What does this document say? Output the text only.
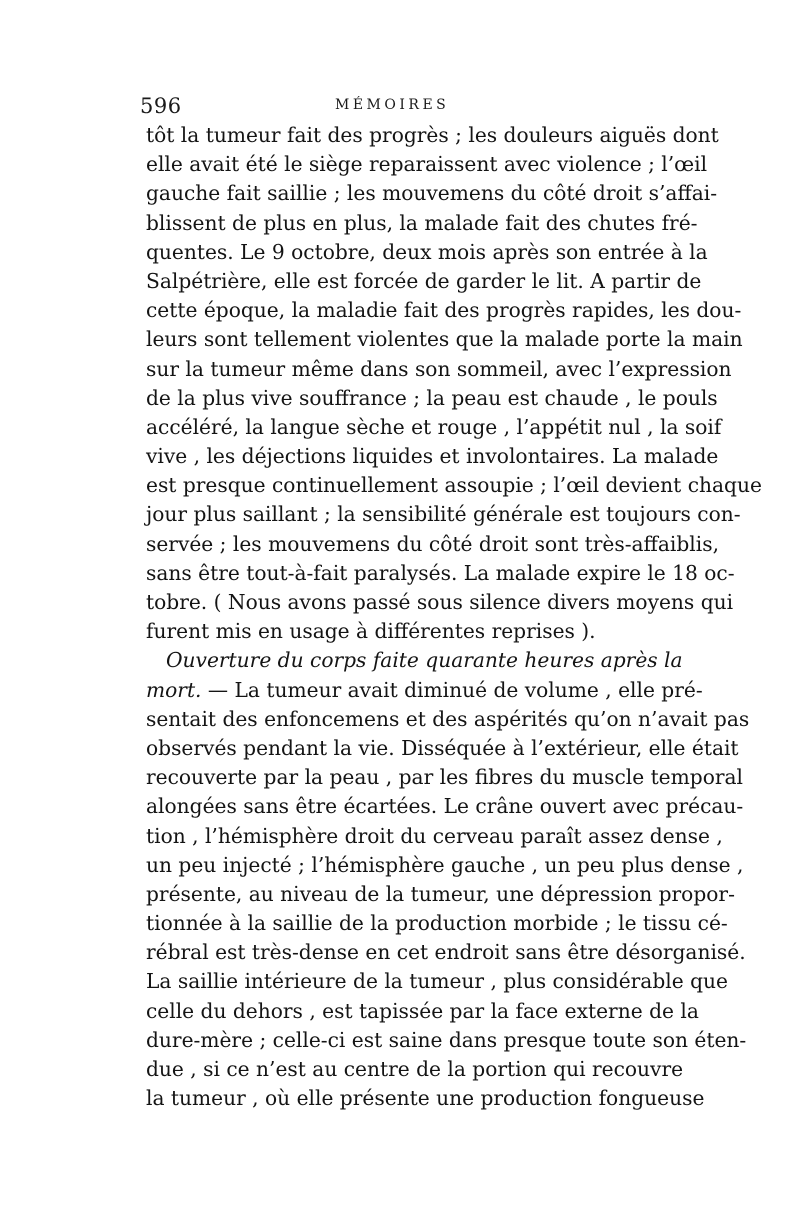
596	MÉMOIRES
tôt la tumeur fait des progrès ; les douleurs aiguës dont
elle avait été le siège reparaissent avec violence ; l’œil
gauche fait saillie ; les mouvemens du côté droit s’affai-
blissent de plus en plus, la malade fait des chutes fré-
quentes. Le 9 octobre, deux mois après son entrée à la
Salpétrière, elle est forcée de garder le lit. A partir de
cette époque, la maladie fait des progrès rapides, les dou-
leurs sont tellement violentes que la malade porte la main
sur la tumeur même dans son sommeil, avec l’expression
de la plus vive souffrance ; la peau est chaude , le pouls
accéléré, la langue sèche et rouge , l’appétit nul , la soif
vive , les déjections liquides et involontaires. La malade
est presque continuellement assoupie ; l’œil devient chaque
jour plus saillant ; la sensibilité générale est toujours con-
servée ; les mouvemens du côté droit sont très-affaiblis,
sans être tout-à-fait paralysés. La malade expire le 18 oc-
tobre. ( Nous avons passé sous silence divers moyens qui
furent mis en usage à différentes reprises ).
Ouverture du corps faite quarante heures après la
mort. — La tumeur avait diminué de volume , elle pré-
sentait des enfoncemens et des aspérités qu’on n’avait pas
observés pendant la vie. Disséquée à l’extérieur, elle était
recouverte par la peau , par les fibres du muscle temporal
alongées sans être écartées. Le crâne ouvert avec précau-
tion , l’hémisphère droit du cerveau paraît assez dense ,
un peu injecté ; l’hémisphère gauche , un peu plus dense ,
présente, au niveau de la tumeur, une dépression propor-
tionnée à la saillie de la production morbide ; le tissu cé-
rébral est très-dense en cet endroit sans être désorganisé.
La saillie intérieure de la tumeur , plus considérable que
celle du dehors , est tapissée par la face externe de la
dure-mère ; celle-ci est saine dans presque toute son éten-
due , si ce n’est au centre de la portion qui recouvre
la tumeur , où elle présente une production fongueuse
